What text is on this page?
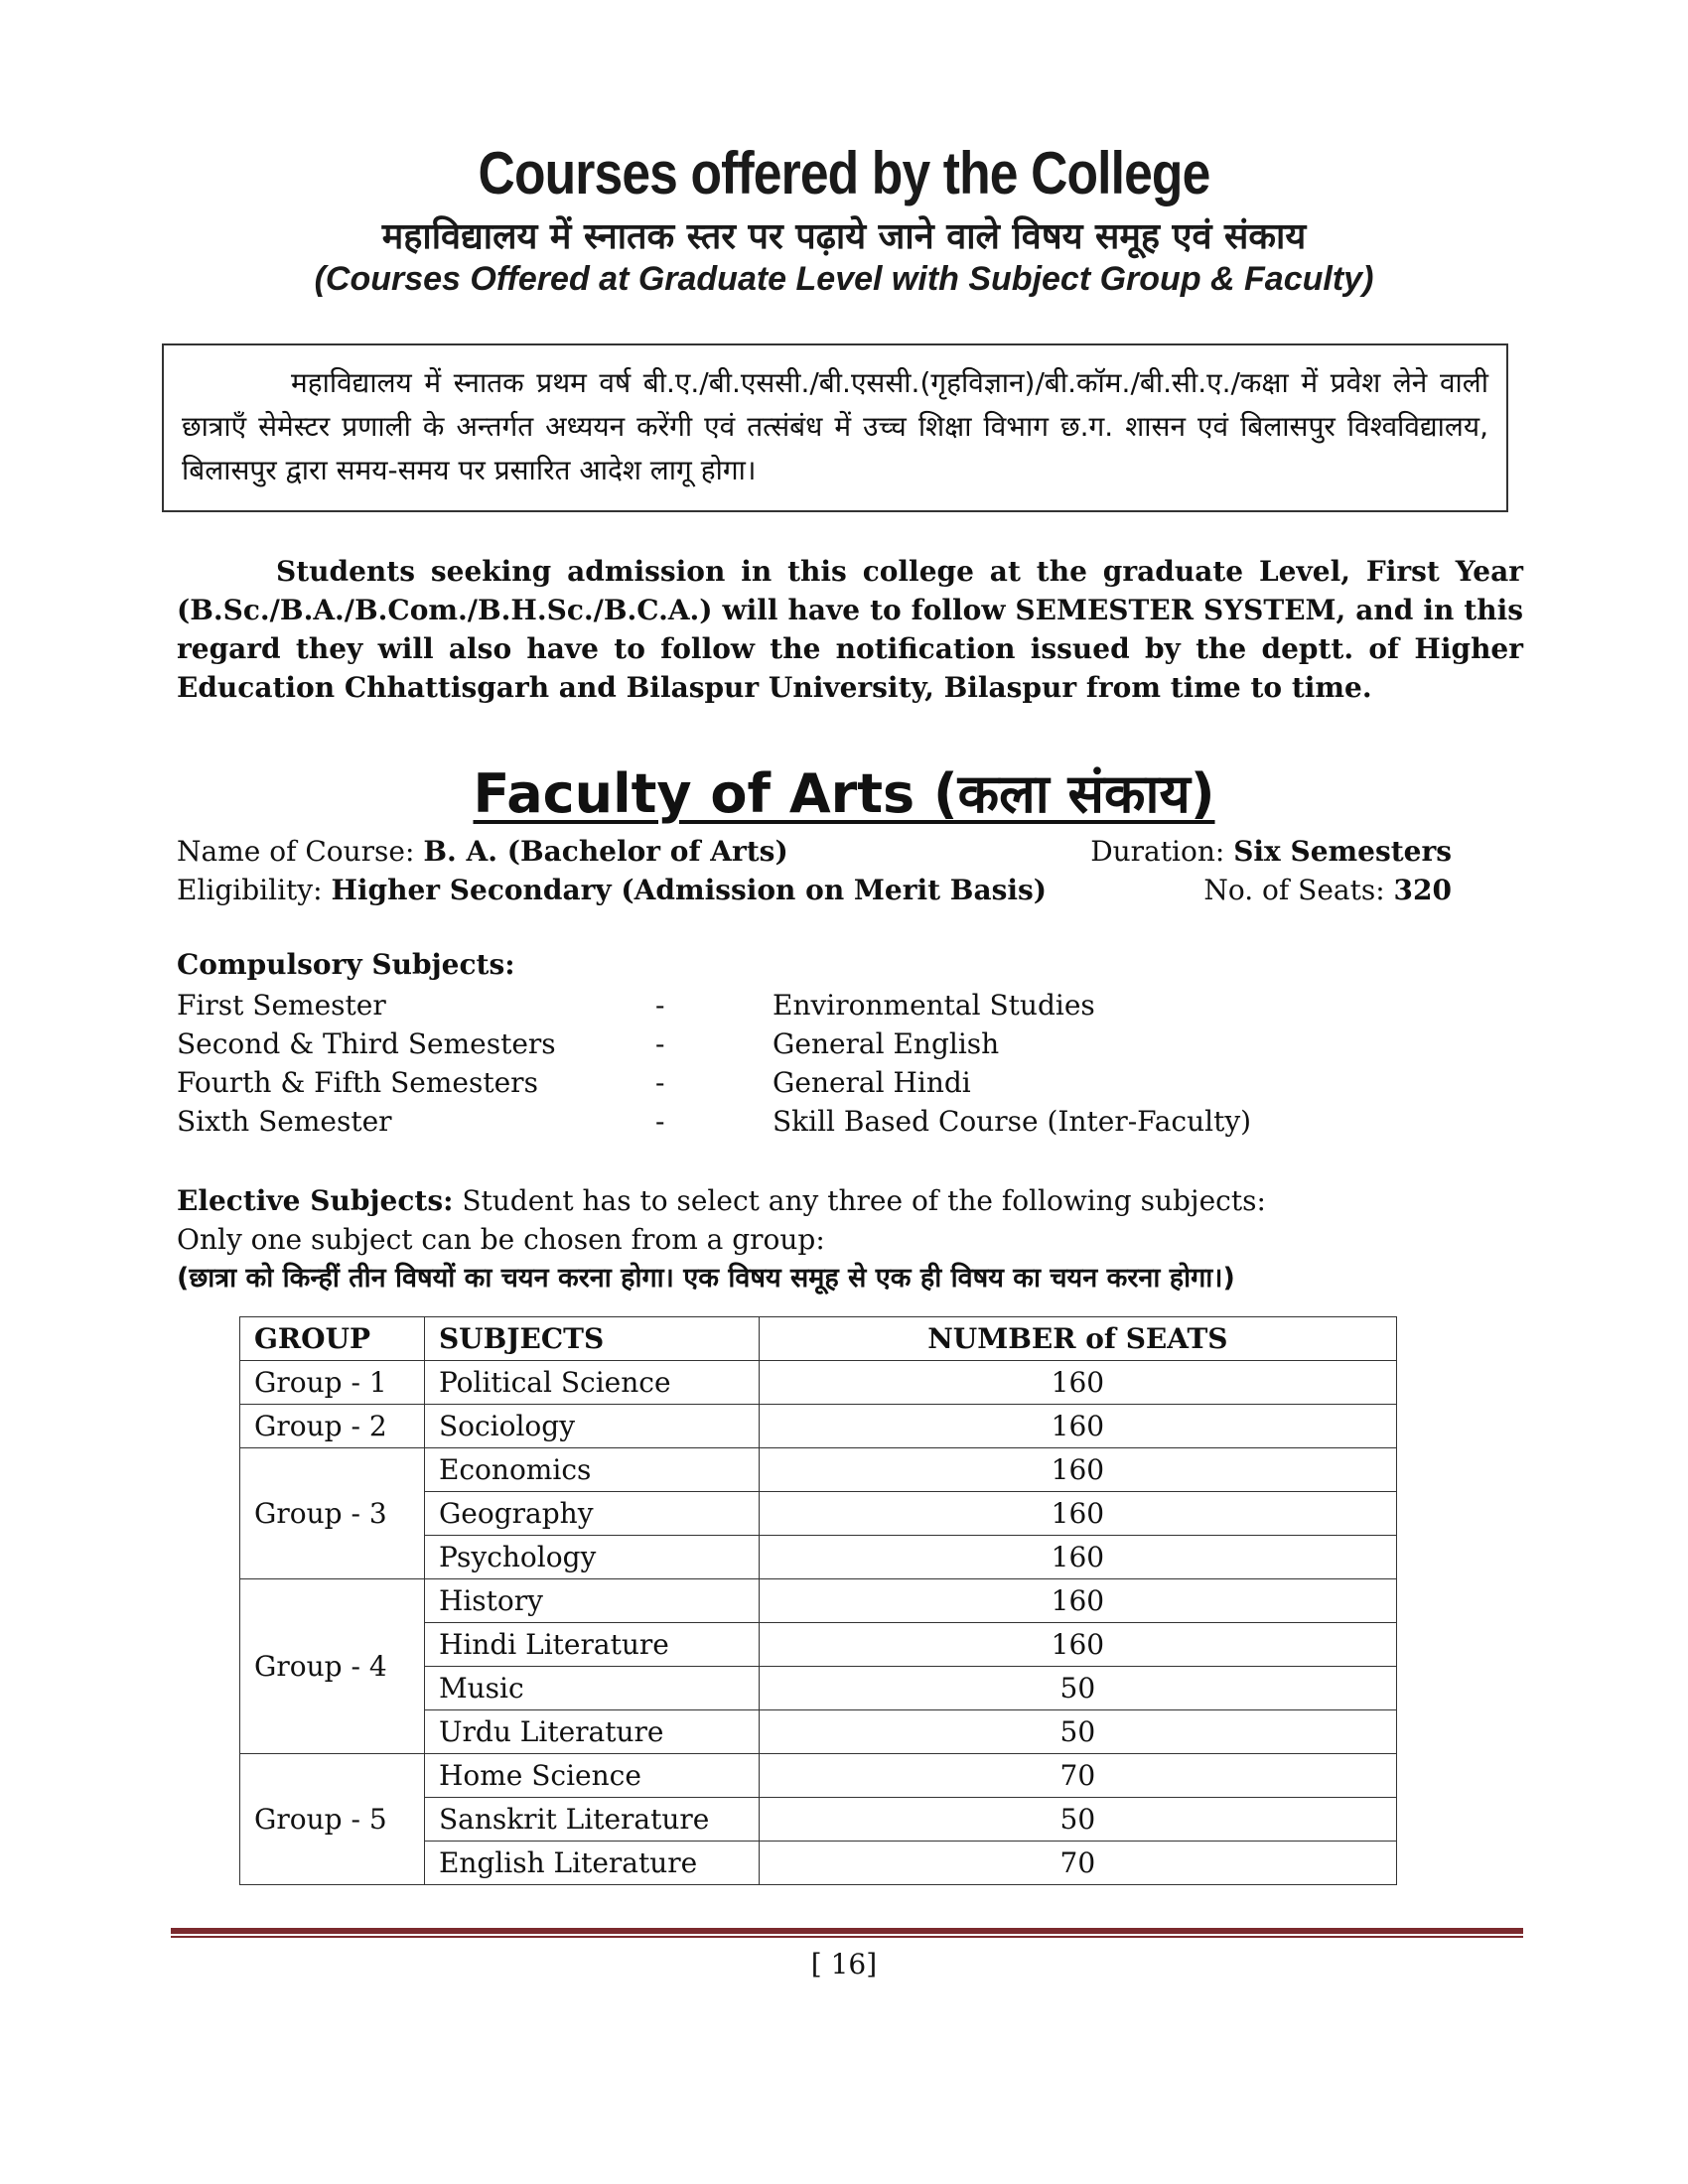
Courses offered by the College
महाविद्यालय में स्नातक स्तर पर पढ़ाये जाने वाले विषय समूह एवं संकाय
(Courses Offered at Graduate Level with Subject Group & Faculty)
महाविद्यालय में स्नातक प्रथम वर्ष बी.ए./बी.एससी./बी.एससी.(गृहविज्ञान)/बी.कॉम./बी.सी.ए./कक्षा में प्रवेश लेने वाली छात्राएँ सेमेस्टर प्रणाली के अन्तर्गत अध्ययन करेंगी एवं तत्संबंध में उच्च शिक्षा विभाग छ.ग. शासन एवं बिलासपुर विश्वविद्यालय, बिलासपुर द्वारा समय-समय पर प्रसारित आदेश लागू होगा।
Students seeking admission in this college at the graduate Level, First Year (B.Sc./B.A./B.Com./B.H.Sc./B.C.A.) will have to follow SEMESTER SYSTEM, and in this regard they will also have to follow the notification issued by the deptt. of Higher Education Chhattisgarh and Bilaspur University, Bilaspur from time to time.
Faculty of Arts (कला संकाय)
Name of Course: B. A. (Bachelor of Arts)	Duration: Six Semesters
Eligibility: Higher Secondary (Admission on Merit Basis)	No. of Seats: 320
Compulsory Subjects:
First Semester	-	Environmental Studies
Second & Third Semesters	-	General English
Fourth & Fifth Semesters	-	General Hindi
Sixth Semester	-	Skill Based Course (Inter-Faculty)
Elective Subjects: Student has to select any three of the following subjects:
Only one subject can be chosen from a group:
(छात्रा को किन्हीं तीन विषयों का चयन करना होगा। एक विषय समूह से एक ही विषय का चयन करना होगा।)
GROUP	SUBJECTS	NUMBER of SEATS
Group - 1	Political Science	160
Group - 2	Sociology	160
Group - 3	Economics	160
	Geography	160
	Psychology	160
Group - 4	History	160
	Hindi Literature	160
	Music	50
	Urdu Literature	50
Group - 5	Home Science	70
	Sanskrit Literature	50
	English Literature	70
[ 16]
